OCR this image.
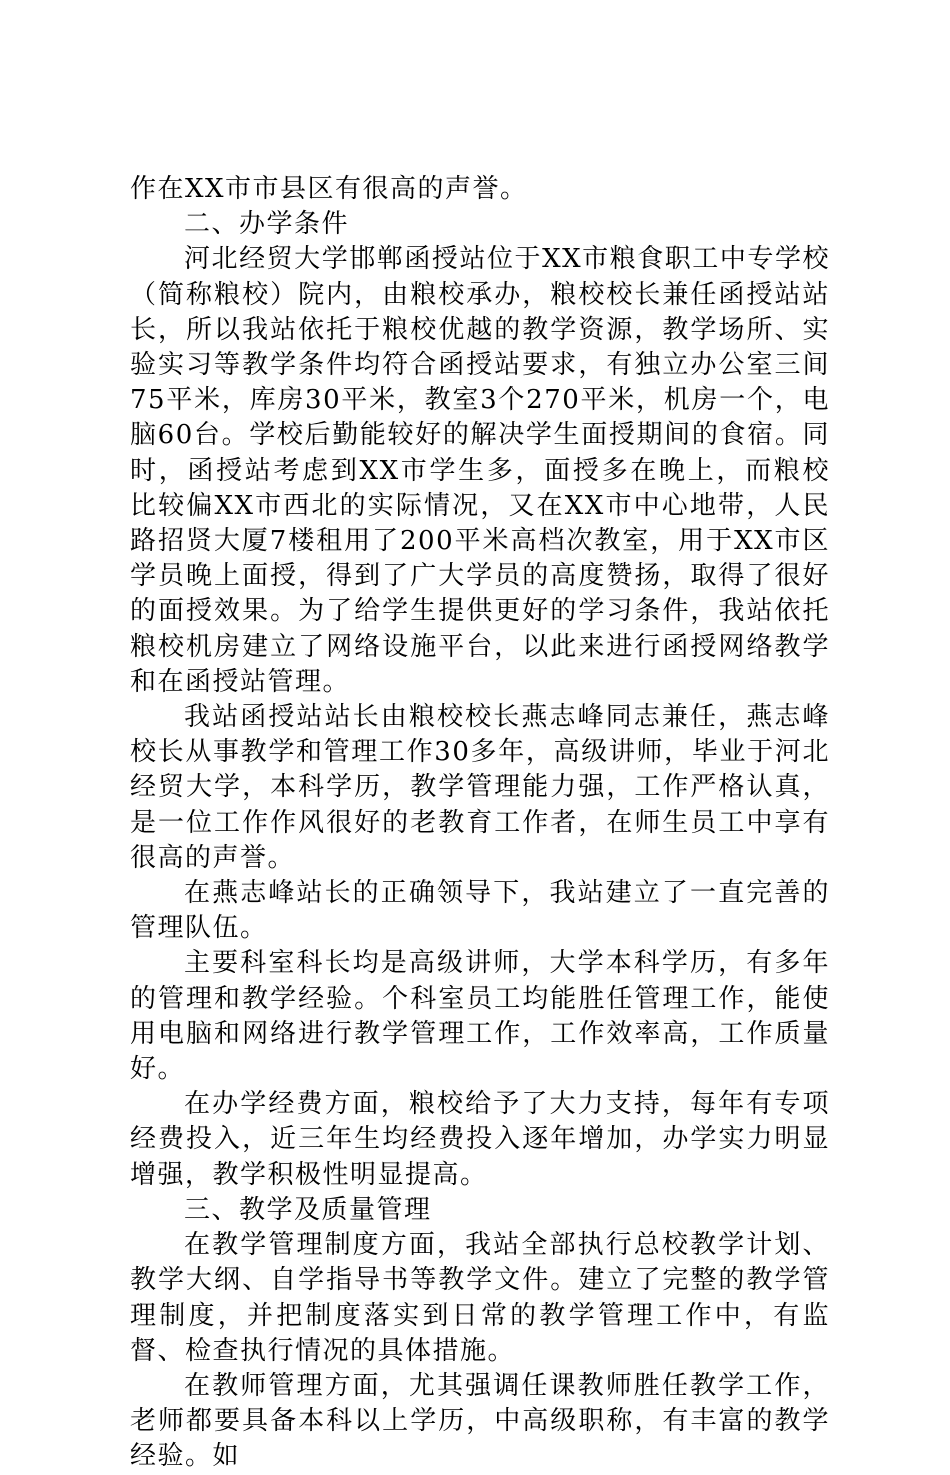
作在XX市市县区有很高的声誉。

二、办学条件

河北经贸大学邯郸函授站位于XX市粮食职工中专学校（简称粮校）院内，由粮校承办，粮校校长兼任函授站站长，所以我站依托于粮校优越的教学资源，教学场所、实验实习等教学条件均符合函授站要求，有独立办公室三间75平米，库房30平米，教室3个270平米，机房一个，电脑60台。学校后勤能较好的解决学生面授期间的食宿。同时，函授站考虑到XX市学生多，面授多在晚上，而粮校比较偏XX市西北的实际情况，又在XX市中心地带，人民路招贤大厦7楼租用了200平米高档次教室，用于XX市区学员晚上面授，得到了广大学员的高度赞扬，取得了很好的面授效果。为了给学生提供更好的学习条件，我站依托粮校机房建立了网络设施平台，以此来进行函授网络教学和在函授站管理。

我站函授站站长由粮校校长燕志峰同志兼任，燕志峰校长从事教学和管理工作30多年，高级讲师，毕业于河北经贸大学，本科学历，教学管理能力强，工作严格认真，是一位工作作风很好的老教育工作者，在师生员工中享有很高的声誉。

在燕志峰站长的正确领导下，我站建立了一直完善的管理队伍。

主要科室科长均是高级讲师，大学本科学历，有多年的管理和教学经验。个科室员工均能胜任管理工作，能使用电脑和网络进行教学管理工作，工作效率高，工作质量好。

在办学经费方面，粮校给予了大力支持，每年有专项经费投入，近三年生均经费投入逐年增加，办学实力明显增强，教学积极性明显提高。

三、教学及质量管理

在教学管理制度方面，我站全部执行总校教学计划、教学大纲、自学指导书等教学文件。建立了完整的教学管理制度，并把制度落实到日常的教学管理工作中，有监督、检查执行情况的具体措施。

在教师管理方面，尤其强调任课教师胜任教学工作，老师都要具备本科以上学历，中高级职称，有丰富的教学经验。如
